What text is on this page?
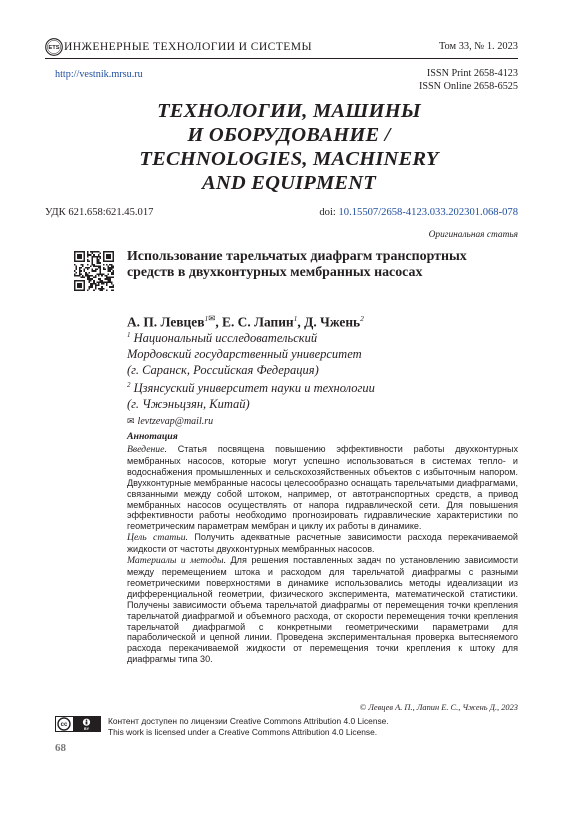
ETS ИНЖЕНЕРНЫЕ ТЕХНОЛОГИИ И СИСТЕМЫ	Том 33, № 1. 2023
http://vestnik.mrsu.ru	ISSN Print 2658-4123
ISSN Online 2658-6525
ТЕХНОЛОГИИ, МАШИНЫ
И ОБОРУДОВАНИЕ /
TECHNOLOGIES, MACHINERY
AND EQUIPMENT
УДК 621.658:621.45.017	doi: 10.15507/2658-4123.033.202301.068-078
Оригинальная статья
Использование тарельчатых диафрагм транспортных средств в двухконтурных мембранных насосах
А. П. Левцев$^{1✉}$, Е. С. Лапин$^1$, Д. Чжень$^2$
$^1$ Национальный исследовательский
Мордовский государственный университет
(г. Саранск, Российская Федерация)
$^2$ Цзянсуский университет науки и технологии
(г. Чжэньцзян, Китай)
✉ levtzevap@mail.ru
Аннотация

Введение. Статья посвящена повышению эффективности работы двухконтурных мембранных насосов, которые могут успешно использоваться в системах тепло- и водоснабжения промышленных и сельскохозяйственных объектов с избыточным напором. Двухконтурные мембранные насосы целесообразно оснащать тарельчатыми диафрагмами, связанными между собой штоком, например, от автотранспортных средств, а привод мембранных насосов осуществлять от напора гидравлической сети. Для повышения эффективности работы необходимо прогнозировать гидравлические характеристики по геометрическим параметрам мембран и циклу их работы в динамике.

Цель статьи. Получить адекватные расчетные зависимости расхода перекачиваемой жидкости от частоты двухконтурных мембранных насосов.

Материалы и методы. Для решения поставленных задач по установлению зависимости между перемещением штока и расходом для тарельчатой диафрагмы с разными геометрическими поверхностями в динамике использовались методы идеализации из дифференциальной геометрии, физического эксперимента, математической статистики. Получены зависимости объема тарельчатой диафрагмы от перемещения точки крепления тарельчатой диафрагмой и объемного расхода, от скорости перемещения точки крепления тарельчатой диафрагмой с конкретными геометрическими параметрами для параболической и цепной линии. Проведена экспериментальная проверка вытесняемого расхода перекачиваемой жидкости от перемещения точки крепления к штоку для диафрагмы типа 30.

© Левцев А. П., Лапин Е. С., Чжень Д., 2023
cc
BY
Контент доступен по лицензии Creative Commons Attribution 4.0 License.
This work is licensed under a Creative Commons Attribution 4.0 License.
68
